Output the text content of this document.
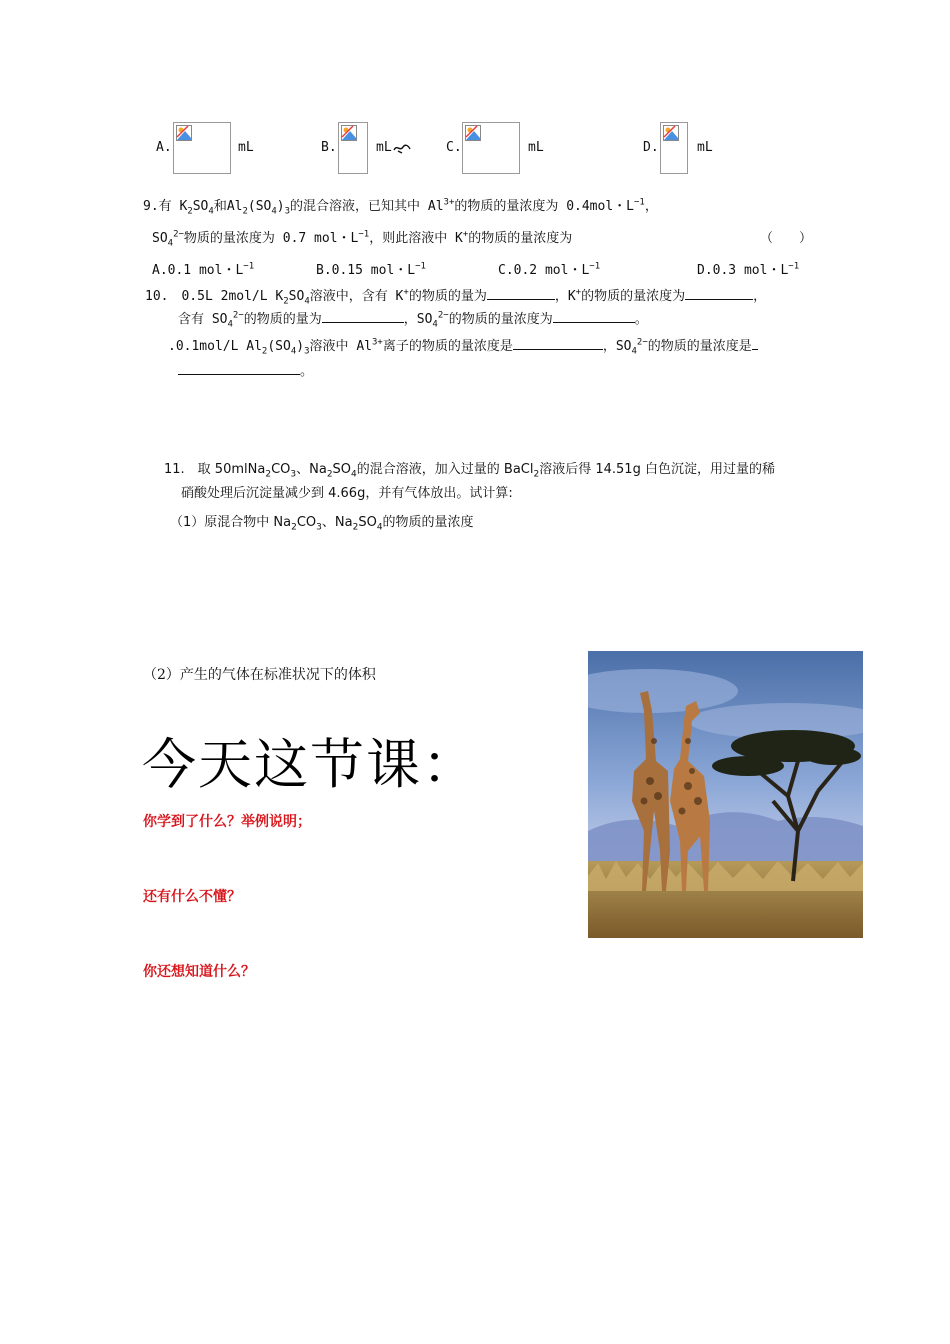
A.	mL	B.	mL	C.	mL	D.	mL
9.有 $K_2SO_4$和$Al_2(SO_4)_3$的混合溶液，已知其中 $Al^{3+}$的物质的量浓度为 0.4mol・$L^{-1}$，
$SO_4^{2-}$物质的量浓度为 0.7 mol・$L^{-1}$，则此溶液中 K+的物质的量浓度为	（　　）
A.0.1 mol・$L^{-1}$	B.0.15 mol・$L^{-1}$	C.0.2 mol・$L^{-1}$	D.0.3 mol・$L^{-1}$
10.　0.5L 2mol/L $K_2SO_4$溶液中，含有 K+的物质的量为	，K+的物质的量浓度为	，
含有 $SO_4^{2-}$的物质的量为	，$SO_4^{2-}$的物质的量浓度为	。
.0.1mol/L $Al_2(SO_4)_3$溶液中 $Al^{3+}$离子的物质的量浓度是	，$SO_4^{2-}$的物质的量浓度是
。
11.　取 $50mlNa_2CO_3$、$Na_2SO_4$的混合溶液，加入过量的 BaCl$_2$溶液后得 14.51g 白色沉淀，用过量的稀
硝酸处理后沉淀量减少到 4.66g，并有气体放出。试计算:
（1）原混合物中 $Na_2CO_3$、$Na_2SO_4$的物质的量浓度
（2）产生的气体在标准状况下的体积
今天这节课：
你学到了什么？举例说明；
还有什么不懂？
你还想知道什么？
